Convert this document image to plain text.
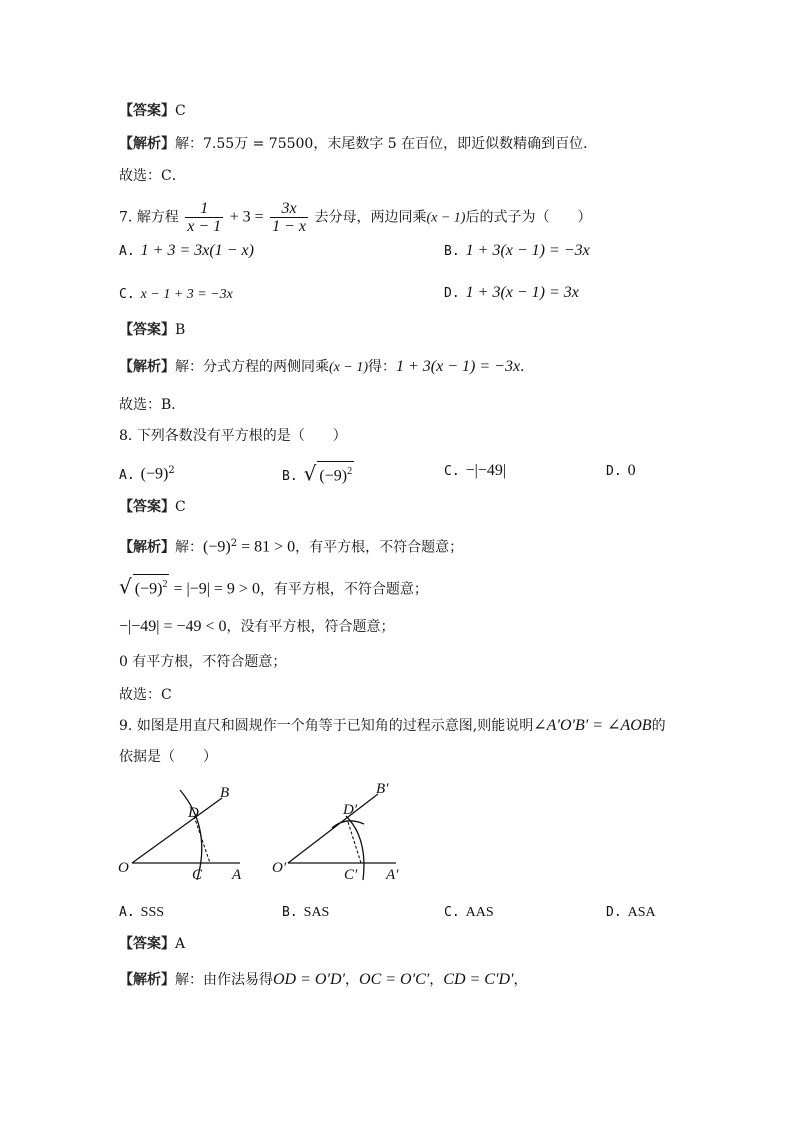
【答案】C
【解析】解：7.55万 = 75500，末尾数字 5 在百位，即近似数精确到百位．
故选：C．
7. 解方程 $\frac{1}{x - 1} + 3 = \frac{3x}{1 - x}$ 去分母，两边同乘(x − 1)后的式子为（　　）
A. 1 + 3 = 3x(1 − x)	B. 1 + 3(x − 1) = −3x
C. x − 1 + 3 = −3x	D. 1 + 3(x − 1) = 3x
【答案】B
【解析】解：分式方程的两侧同乘(x − 1)得：1 + 3(x − 1) = −3x．
故选：B．
8. 下列各数没有平方根的是（　　）
A. $(-9)^2$	B. √ $(-9)^2$	C. −|−49|	D. 0
【答案】C
【解析】解：$(-9)^2 = 81 > 0$，有平方根，不符合题意；
√ $(-9)^2 = |-9| = 9 > 0$，有平方根，不符合题意；
−|−49| = −49 < 0，没有平方根，符合题意；
0 有平方根，不符合题意；
故选：C
9. 如图是用直尺和圆规作一个角等于已知角的过程示意图,则能说明∠A′O′B′ = ∠AOB的
依据是（　　）
O	A
B
C
D
O′	A′
B′
C′
D′
A. SSS	B. SAS	C. AAS	D. ASA
【答案】A
【解析】解：由作法易得OD = O′D′，OC = O′C′，CD = C′D′，
